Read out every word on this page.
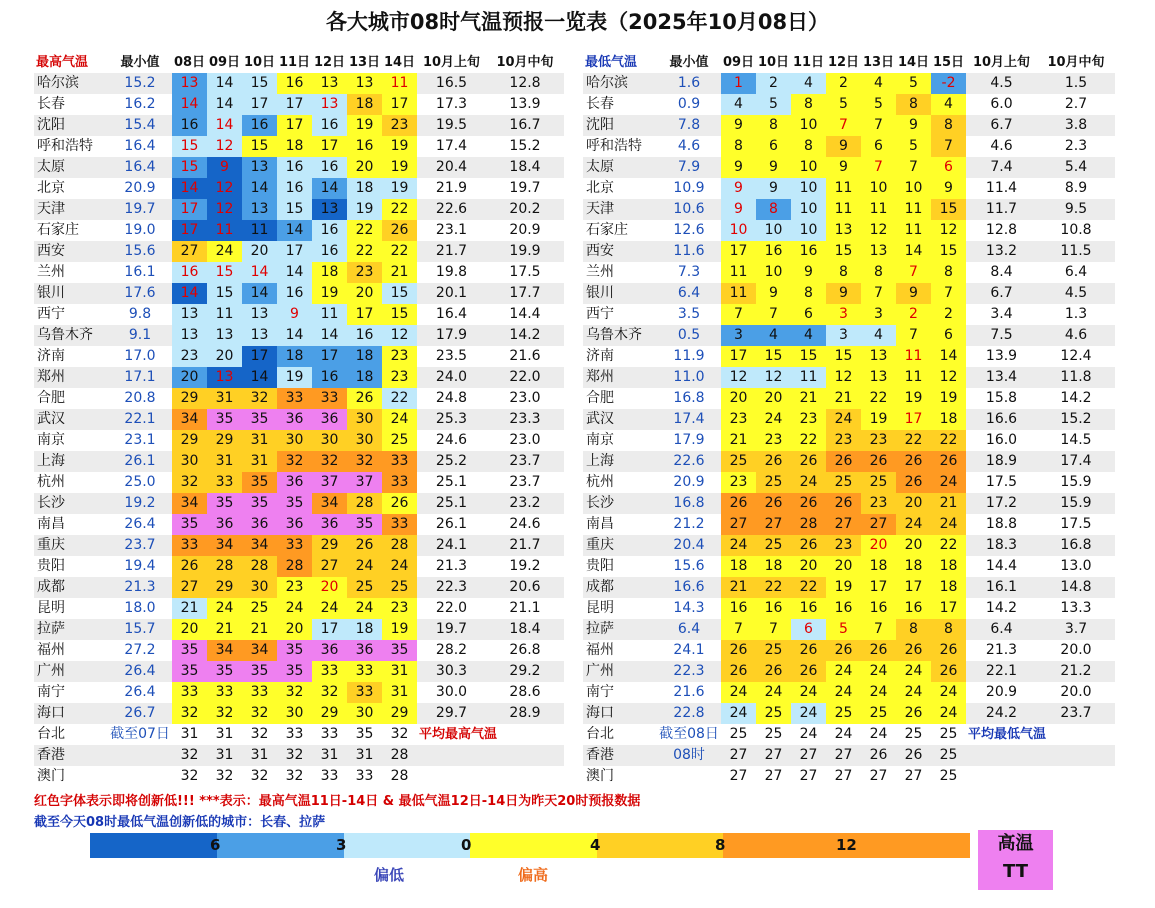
各大城市08时气温预报一览表（2025年10月08日）
最高气温	最小值	08日	09日	10日	11日	12日	13日	14日	10月上旬	10月中旬
哈尔滨	15.2	13	14	15	16	13	13	11	16.5	12.8
长春	16.2	14	14	17	17	13	18	17	17.3	13.9
沈阳	15.4	16	14	16	17	16	19	23	19.5	16.7
呼和浩特	16.4	15	12	15	18	17	16	19	17.4	15.2
太原	16.4	15	9	13	16	16	20	19	20.4	18.4
北京	20.9	14	12	14	16	14	18	19	21.9	19.7
天津	19.7	17	12	13	15	13	19	22	22.6	20.2
石家庄	19.0	17	11	11	14	16	22	26	23.1	20.9
西安	15.6	27	24	20	17	16	22	22	21.7	19.9
兰州	16.1	16	15	14	14	18	23	21	19.8	17.5
银川	17.6	14	15	14	16	19	20	15	20.1	17.7
西宁	9.8	13	11	13	9	11	17	15	16.4	14.4
乌鲁木齐	9.1	13	13	13	14	14	16	12	17.9	14.2
济南	17.0	23	20	17	18	17	18	23	23.5	21.6
郑州	17.1	20	13	14	19	16	18	23	24.0	22.0
合肥	20.8	29	31	32	33	33	26	22	24.8	23.0
武汉	22.1	34	35	35	36	36	30	24	25.3	23.3
南京	23.1	29	29	31	30	30	30	25	24.6	23.0
上海	26.1	30	31	31	32	32	32	33	25.2	23.7
杭州	25.0	32	33	35	36	37	37	33	25.1	23.7
长沙	19.2	34	35	35	35	34	28	26	25.1	23.2
南昌	26.4	35	36	36	36	36	35	33	26.1	24.6
重庆	23.7	33	34	34	33	29	26	28	24.1	21.7
贵阳	19.4	26	28	28	28	27	24	24	21.3	19.2
成都	21.3	27	29	30	23	20	25	25	22.3	20.6
昆明	18.0	21	24	25	24	24	24	23	22.0	21.1
拉萨	15.7	20	21	21	20	17	18	19	19.7	18.4
福州	27.2	35	34	34	35	36	36	35	28.2	26.8
广州	26.4	35	35	35	35	33	33	31	30.3	29.2
南宁	26.4	33	33	33	32	32	33	31	30.0	28.6
海口	26.7	32	32	32	30	29	30	29	29.7	28.9
台北	截至07日	31	31	32	33	33	35	32	平均最高气温	
香港		32	31	31	32	31	31	28		
澳门		32	32	32	32	33	33	28		
最低气温	最小值	09日	10日	11日	12日	13日	14日	15日	10月上旬	10月中旬
哈尔滨	1.6	1	2	4	2	4	5	-2	4.5	1.5
长春	0.9	4	5	8	5	5	8	4	6.0	2.7
沈阳	7.8	9	8	10	7	7	9	8	6.7	3.8
呼和浩特	4.6	8	6	8	9	6	5	7	4.6	2.3
太原	7.9	9	9	10	9	7	7	6	7.4	5.4
北京	10.9	9	9	10	11	10	10	9	11.4	8.9
天津	10.6	9	8	10	11	11	11	15	11.7	9.5
石家庄	12.6	10	10	10	13	12	11	12	12.8	10.8
西安	11.6	17	16	16	15	13	14	15	13.2	11.5
兰州	7.3	11	10	9	8	8	7	8	8.4	6.4
银川	6.4	11	9	8	9	7	9	7	6.7	4.5
西宁	3.5	7	7	6	3	3	2	2	3.4	1.3
乌鲁木齐	0.5	3	4	4	3	4	7	6	7.5	4.6
济南	11.9	17	15	15	15	13	11	14	13.9	12.4
郑州	11.0	12	12	11	12	13	11	12	13.4	11.8
合肥	16.8	20	20	21	21	22	19	19	15.8	14.2
武汉	17.4	23	24	23	24	19	17	18	16.6	15.2
南京	17.9	21	23	22	23	23	22	22	16.0	14.5
上海	22.6	25	26	26	26	26	26	26	18.9	17.4
杭州	20.9	23	25	24	25	25	26	24	17.5	15.9
长沙	16.8	26	26	26	26	23	20	21	17.2	15.9
南昌	21.2	27	27	28	27	27	24	24	18.8	17.5
重庆	20.4	24	25	26	23	20	20	22	18.3	16.8
贵阳	15.6	18	18	20	20	18	18	18	14.4	13.0
成都	16.6	21	22	22	19	17	17	18	16.1	14.8
昆明	14.3	16	16	16	16	16	16	17	14.2	13.3
拉萨	6.4	7	7	6	5	7	8	8	6.4	3.7
福州	24.1	26	25	26	26	26	26	26	21.3	20.0
广州	22.3	26	26	26	24	24	24	26	22.1	21.2
南宁	21.6	24	24	24	24	24	24	24	20.9	20.0
海口	22.8	24	25	24	25	25	26	24	24.2	23.7
台北	截至08日	25	25	24	24	24	25	25	平均最低气温	
香港	08时	27	27	27	27	26	26	25		
澳门		27	27	27	27	27	27	25		
红色字体表示即将创新低!!! ***表示：最高气温11日-14日 & 最低气温12日-14日为昨天20时预报数据
截至今天08时最低气温创新低的城市：长春、拉萨
6	3	0	4	8	12
偏低	偏高
高温
TT
